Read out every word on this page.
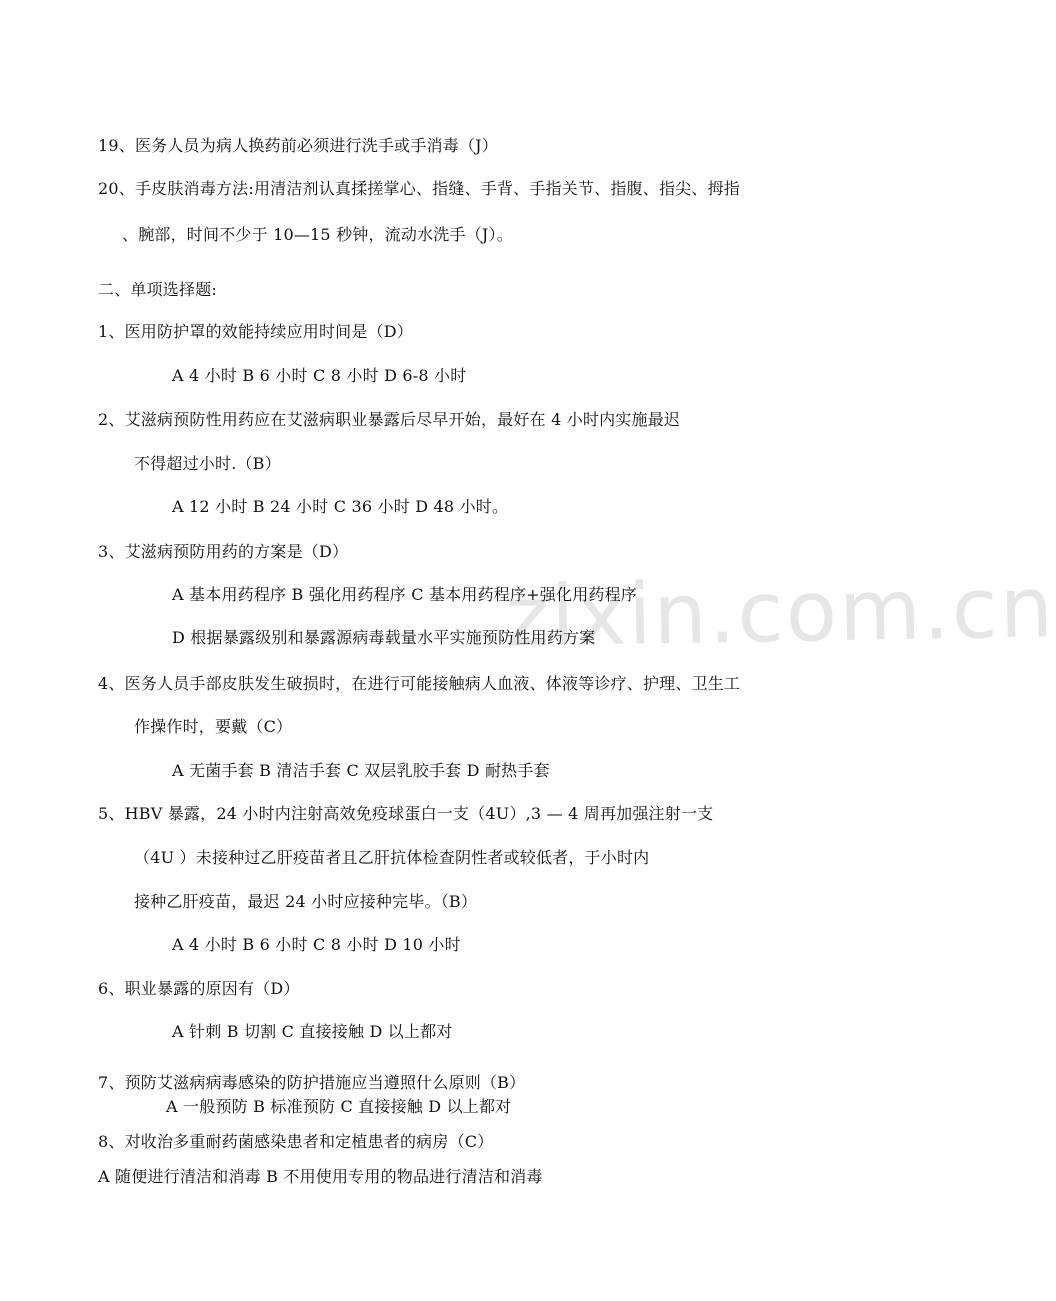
zixin.com.cn
19、医务人员为病人换药前必须进行洗手或手消毒（J）
20、手皮肤消毒方法:用清洁剂认真揉搓掌心、指缝、手背、手指关节、指腹、指尖、拇指
、腕部，时间不少于 10—15 秒钟，流动水洗手（J）。
二、单项选择题:
1、医用防护罩的效能持续应用时间是（D）
A 4 小时 B 6 小时 C 8 小时 D 6-8 小时
2、艾滋病预防性用药应在艾滋病职业暴露后尽早开始，最好在 4 小时内实施最迟
不得超过小时.（B）
A 12 小时 B 24 小时 C 36 小时 D 48 小时。
3、艾滋病预防用药的方案是（D）
A 基本用药程序 B 强化用药程序 C 基本用药程序+强化用药程序
D 根据暴露级别和暴露源病毒载量水平实施预防性用药方案
4、医务人员手部皮肤发生破损时，在进行可能接触病人血液、体液等诊疗、护理、卫生工
作操作时，要戴（C）
A 无菌手套 B 清洁手套 C 双层乳胶手套 D 耐热手套
5、HBV 暴露，24 小时内注射高效免疫球蛋白一支（4U）,3 — 4 周再加强注射一支
（4U ）未接种过乙肝疫苗者且乙肝抗体检查阴性者或较低者，于小时内
接种乙肝疫苗，最迟 24 小时应接种完毕。（B）
A 4 小时 B 6 小时 C 8 小时 D 10 小时
6、职业暴露的原因有（D）
A 针刺 B 切割 C 直接接触 D 以上都对
7、预防艾滋病病毒感染的防护措施应当遵照什么原则（B）
A 一般预防 B 标准预防 C 直接接触 D 以上都对
8、对收治多重耐药菌感染患者和定植患者的病房（C）
A 随便进行清洁和消毒 B 不用使用专用的物品进行清洁和消毒
